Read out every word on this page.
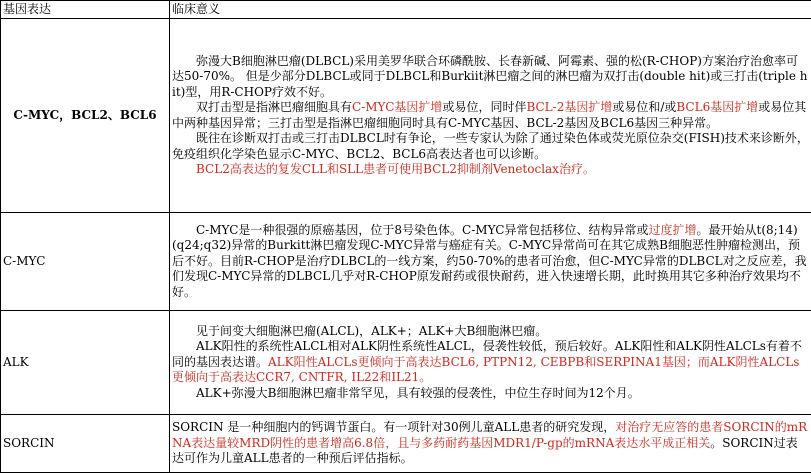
基因表达	临床意义
C-MYC，BCL2、BCL6	弥漫大B细胞淋巴瘤(DLBCL)采用美罗华联合环磷酰胺、长春新碱、阿霉素、强的松(R-CHOP)方案治疗治愈率可达50-70%。 但是少部分DLBCL或同于DLBCL和Burkiit淋巴瘤之间的淋巴瘤为双打击(double hit)或三打击(triple hit)型，用R-CHOP疗效不好。

双打击型是指淋巴瘤细胞具有C-MYC基因扩增或易位，同时伴BCL-2基因扩增或易位和/或BCL6基因扩增或易位其中两种基因异常；三打击型是指淋巴瘤细胞同时具有C-MYC基因、BCL-2基因及BCL6基因三种异常。

既往在诊断双打击或三打击DLBCL时有争论，一些专家认为除了通过染色体或荧光原位杂交(FISH)技术来诊断外，免疫组织化学染色显示C-MYC、BCL2、BCL6高表达者也可以诊断。

BCL2高表达的复发CLL和SLL患者可使用BCL2抑制剂Venetoclax治疗。

C-MYC	C-MYC是一种很强的原癌基因，位于8号染色体。C-MYC异常包括移位、结构异常或过度扩增。最开始从t(8;14)(q24;q32)异常的Burkitt淋巴瘤发现C-MYC异常与癌症有关。C-MYC异常尚可在其它成熟B细胞恶性肿瘤检测出，预后不好。目前R-CHOP是治疗DLBCL的一线方案，约50-70%的患者可治愈，但C-MYC异常的DLBCL对之反应差，我们发现C-MYC异常的DLBCL几乎对R-CHOP原发耐药或很快耐药，进入快速增长期，此时换用其它多种治疗效果均不好。

ALK	见于间变大细胞淋巴瘤(ALCL)，ALK+；ALK+大B细胞淋巴瘤。

ALK阳性的系统性ALCL相对ALK阴性系统性ALCL，侵袭性较低，预后较好。ALK阳性和ALK阴性ALCLs有着不同的基因表达谱。ALK阳性ALCLs更倾向于高表达BCL6, PTPN12, CEBPB和SERPINA1基因；而ALK阴性ALCLs更倾向于高表达CCR7, CNTFR, IL22和IL21。

ALK+弥漫大B细胞淋巴瘤非常罕见，具有较强的侵袭性，中位生存时间为12个月。

SORCIN	SORCIN 是一种细胞内的钙调节蛋白。有一项针对30例儿童ALL患者的研究发现，对治疗无应答的患者SORCIN的mRNA表达量较MRD阴性的患者增高6.8倍，且与多药耐药基因MDR1/P-gp的mRNA表达水平成正相关。SORCIN过表达可作为儿童ALL患者的一种预后评估指标。
